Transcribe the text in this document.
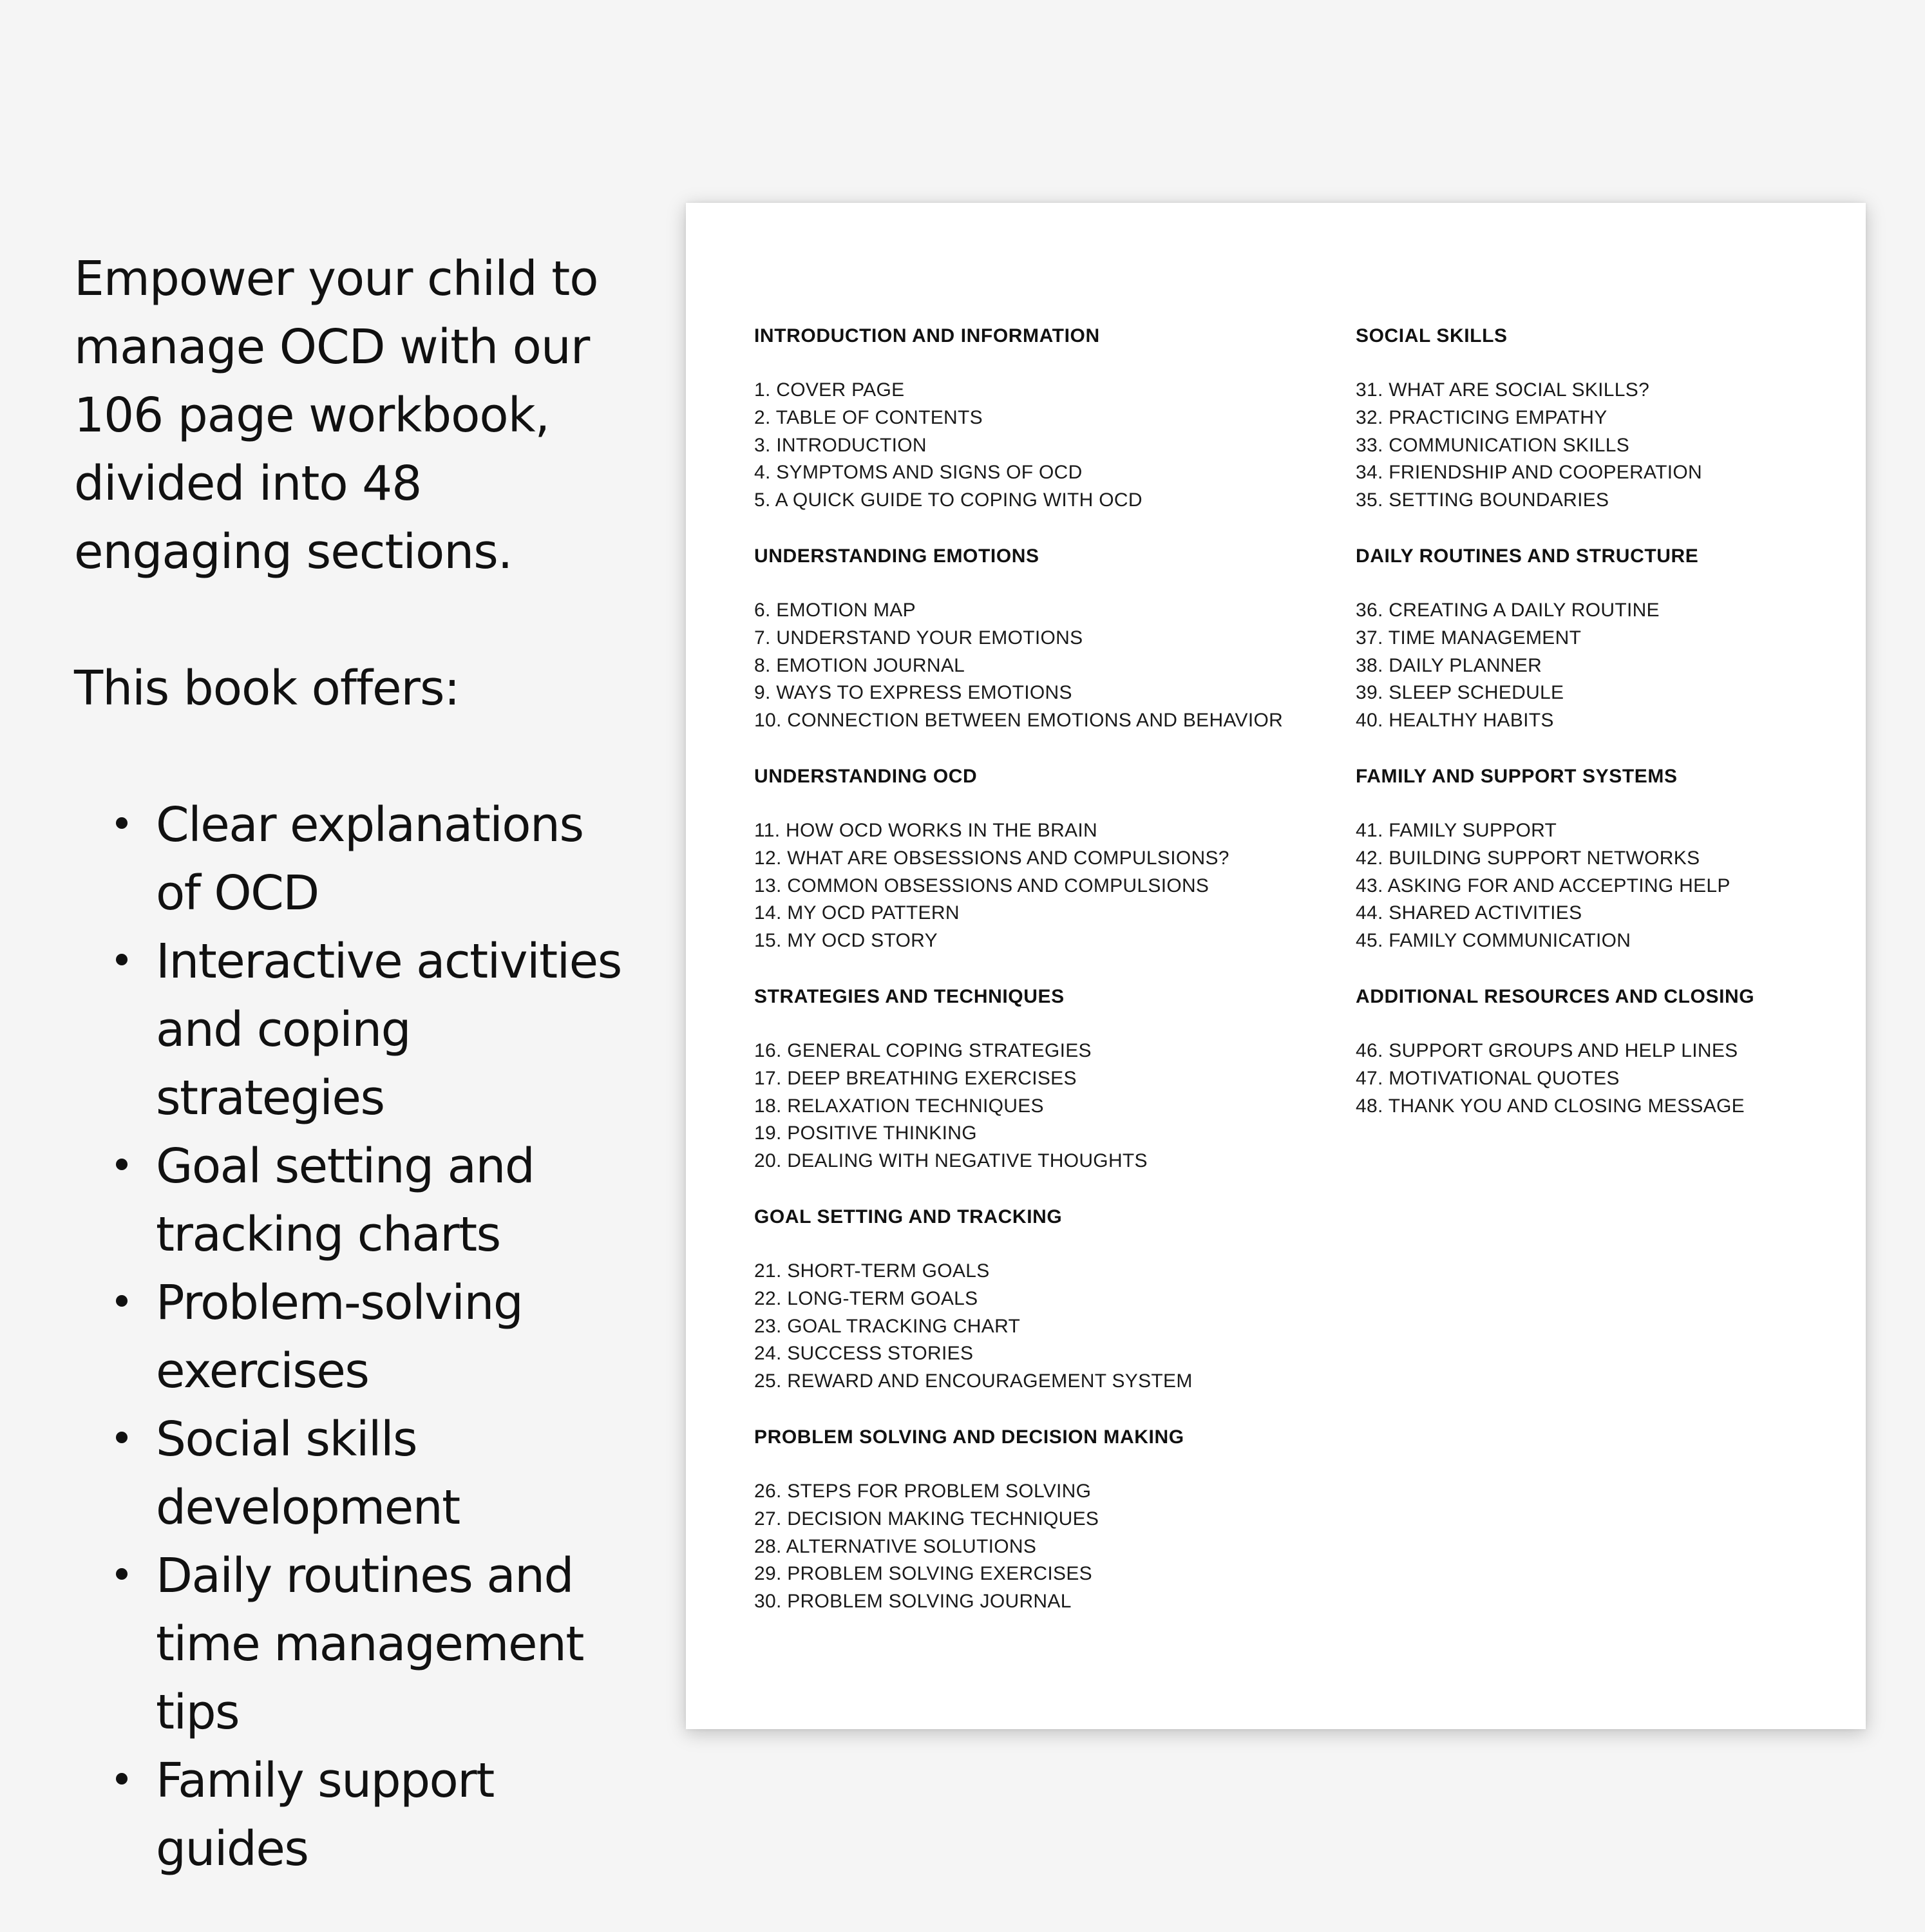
Empower your child to manage OCD with our 106 page workbook, divided into 48 engaging sections.

This book offers:

Clear explanations of OCD
Interactive activities and coping strategies
Goal setting and tracking charts
Problem-solving exercises
Social skills development
Daily routines and time management tips
Family support guides
INTRODUCTION AND INFORMATION
1. COVER PAGE
2. TABLE OF CONTENTS
3. INTRODUCTION
4. SYMPTOMS AND SIGNS OF OCD
5. A QUICK GUIDE TO COPING WITH OCD
UNDERSTANDING EMOTIONS
6. EMOTION MAP
7. UNDERSTAND YOUR EMOTIONS
8. EMOTION JOURNAL
9. WAYS TO EXPRESS EMOTIONS
10. CONNECTION BETWEEN EMOTIONS AND BEHAVIOR
UNDERSTANDING OCD
11. HOW OCD WORKS IN THE BRAIN
12. WHAT ARE OBSESSIONS AND COMPULSIONS?
13. COMMON OBSESSIONS AND COMPULSIONS
14. MY OCD PATTERN
15. MY OCD STORY
STRATEGIES AND TECHNIQUES
16. GENERAL COPING STRATEGIES
17. DEEP BREATHING EXERCISES
18. RELAXATION TECHNIQUES
19. POSITIVE THINKING
20. DEALING WITH NEGATIVE THOUGHTS
GOAL SETTING AND TRACKING
21. SHORT-TERM GOALS
22. LONG-TERM GOALS
23. GOAL TRACKING CHART
24. SUCCESS STORIES
25. REWARD AND ENCOURAGEMENT SYSTEM
PROBLEM SOLVING AND DECISION MAKING
26. STEPS FOR PROBLEM SOLVING
27. DECISION MAKING TECHNIQUES
28. ALTERNATIVE SOLUTIONS
29. PROBLEM SOLVING EXERCISES
30. PROBLEM SOLVING JOURNAL
SOCIAL SKILLS
31. WHAT ARE SOCIAL SKILLS?
32. PRACTICING EMPATHY
33. COMMUNICATION SKILLS
34. FRIENDSHIP AND COOPERATION
35. SETTING BOUNDARIES
DAILY ROUTINES AND STRUCTURE
36. CREATING A DAILY ROUTINE
37. TIME MANAGEMENT
38. DAILY PLANNER
39. SLEEP SCHEDULE
40. HEALTHY HABITS
FAMILY AND SUPPORT SYSTEMS
41. FAMILY SUPPORT
42. BUILDING SUPPORT NETWORKS
43. ASKING FOR AND ACCEPTING HELP
44. SHARED ACTIVITIES
45. FAMILY COMMUNICATION
ADDITIONAL RESOURCES AND CLOSING
46. SUPPORT GROUPS AND HELP LINES
47. MOTIVATIONAL QUOTES
48. THANK YOU AND CLOSING MESSAGE
